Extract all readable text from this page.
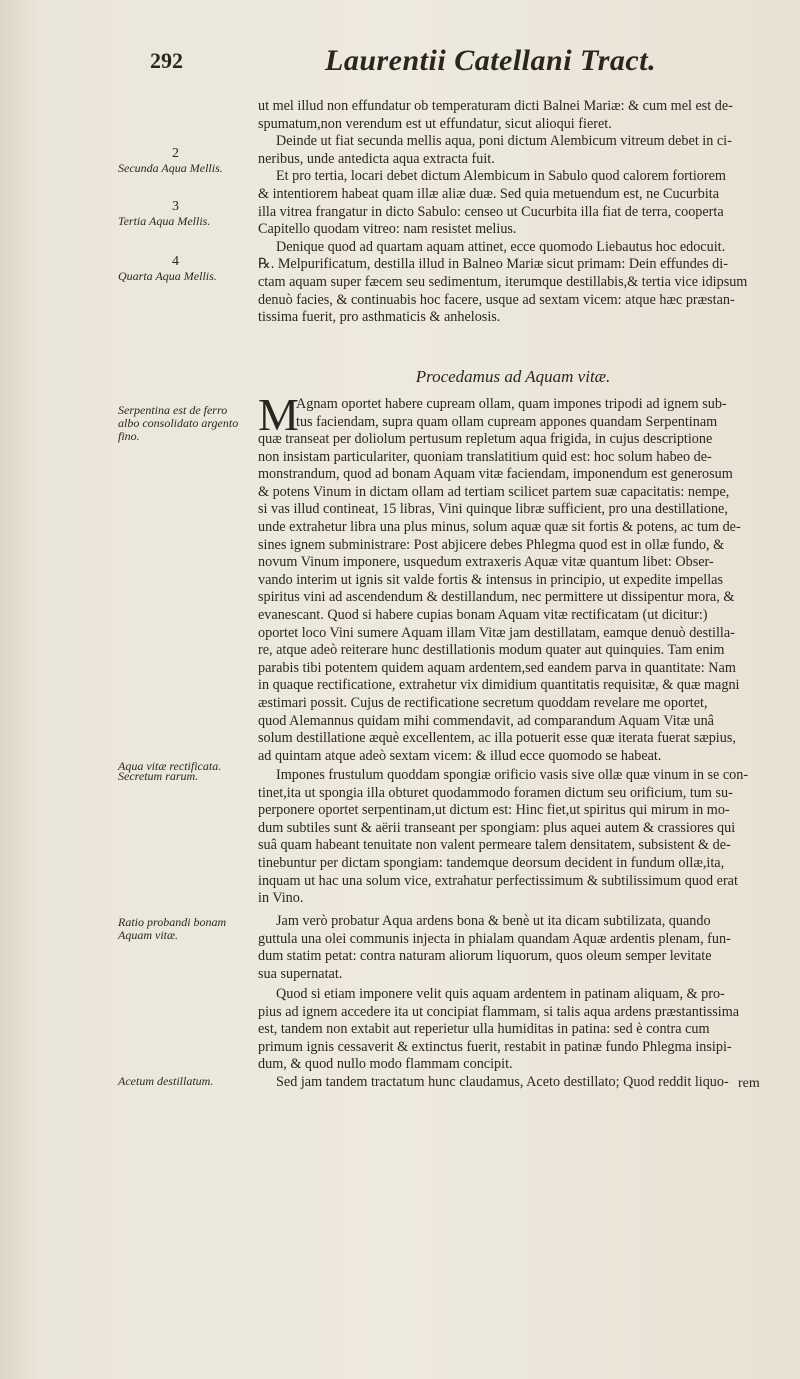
292	Laurentii Catellani Tract.
ut mel illud non effundatur ob temperaturam dicti Balnei Mariæ: & cum mel est de-
spumatum,non verendum est ut effundatur, sicut alioqui fieret.
Deinde ut fiat secunda mellis aqua, poni dictum Alembicum vitreum debet in ci-
neribus, unde antedicta aqua extracta fuit.
Et pro tertia, locari debet dictum Alembicum in Sabulo quod calorem fortiorem
& intentiorem habeat quam illæ aliæ duæ. Sed quia metuendum est, ne Cucurbita
illa vitrea frangatur in dicto Sabulo: censeo ut Cucurbita illa fiat de terra, cooperta
Capitello quodam vitreo: nam resistet melius.
Denique quod ad quartam aquam attinet, ecce quomodo Liebautus hoc edocuit.
℞. Melpurificatum, destilla illud in Balneo Mariæ sicut primam: Dein effundes di-
ctam aquam super fæcem seu sedimentum, iterumque destillabis,& tertia vice idipsum
denuò facies, & continuabis hoc facere, usque ad sextam vicem: atque hæc præstan-
tissima fuerit, pro asthmaticis & anhelosis.
2
Secunda Aqua Mellis.
3
Tertia Aqua Mellis.
4
Quarta Aqua Mellis.
Procedamus ad Aquam vitæ.
M
Agnam oportet habere cupream ollam, quam impones tripodi ad ignem sub-
tus faciendam, supra quam ollam cupream appones quandam Serpentinam
Serpentina est de ferro albo consolidato argento fino.	quæ transeat per doliolum pertusum repletum aqua frigida, in cujus descriptione
non insistam particulariter, quoniam translatitium quid est: hoc solum habeo de-
monstrandum, quod ad bonam Aquam vitæ faciendam, imponendum est generosum
& potens Vinum in dictam ollam ad tertiam scilicet partem suæ capacitatis: nempe,
si vas illud contineat, 15 libras, Vini quinque libræ sufficient, pro una destillatione,
unde extrahetur libra una plus minus, solum aquæ quæ sit fortis & potens, ac tum de-
sines ignem subministrare: Post abjicere debes Phlegma quod est in ollæ fundo, &
novum Vinum imponere, usquedum extraxeris Aquæ vitæ quantum libet: Obser-
vando interim ut ignis sit valde fortis & intensus in principio, ut expedite impellas
spiritus vini ad ascendendum & destillandum, nec permittere ut dissipentur mora, &
evanescant. Quod si habere cupias bonam Aquam vitæ rectificatam (ut dicitur:)
oportet loco Vini sumere Aquam illam Vitæ jam destillatam, eamque denuò destilla-
re, atque adeò reiterare hunc destillationis modum quater aut quinquies. Tam enim
parabis tibi potentem quidem aquam ardentem,sed eandem parva in quantitate: Nam
in quaque rectificatione, extrahetur vix dimidium quantitatis requisitæ, & quæ magni
æstimari possit. Cujus de rectificatione secretum quoddam revelare me oportet,
quod Alemannus quidam mihi commendavit, ad comparandum Aquam Vitæ unâ
solum destillatione æquè excellentem, ac illa potuerit esse quæ iterata fuerat sæpius,
ad quintam atque adeò sextam vicem: & illud ecce quomodo se habeat.
Aqua vitæ rectificata.
Impones frustulum quoddam spongiæ orificio vasis sive ollæ quæ vinum in se con-
tinet,ita ut spongia illa obturet quodammodo foramen dictum seu orificium, tum su-
perponere oportet serpentinam,ut dictum est: Hinc fiet,ut spiritus qui mirum in mo-
dum subtiles sunt & aërii transeant per spongiam: plus aquei autem & crassiores qui
suâ quam habeant tenuitate non valent permeare talem densitatem, subsistent & de-
tinebuntur per dictam spongiam: tandemque deorsum decident in fundum ollæ,ita,
inquam ut hac una solum vice, extrahatur perfectissimum & subtilissimum quod erat
in Vino.
Secretum rarum.
Jam verò probatur Aqua ardens bona & benè ut ita dicam subtilizata, quando
guttula una olei communis injecta in phialam quandam Aquæ ardentis plenam, fun-
dum statim petat: contra naturam aliorum liquorum, quos oleum semper levitate
sua supernatat.
Ratio probandi bonam Aquam vitæ.
Quod si etiam imponere velit quis aquam ardentem in patinam aliquam, & pro-
pius ad ignem accedere ita ut concipiat flammam, si talis aqua ardens præstantissima
est, tandem non extabit aut reperietur ulla humiditas in patina: sed è contra cum
primum ignis cessaverit & extinctus fuerit, restabit in patinæ fundo Phlegma insipi-
dum, & quod nullo modo flammam concipit.
Sed jam tandem tractatum hunc claudamus, Aceto destillato; Quod reddit liquo-
Acetum destillatum.	rem
